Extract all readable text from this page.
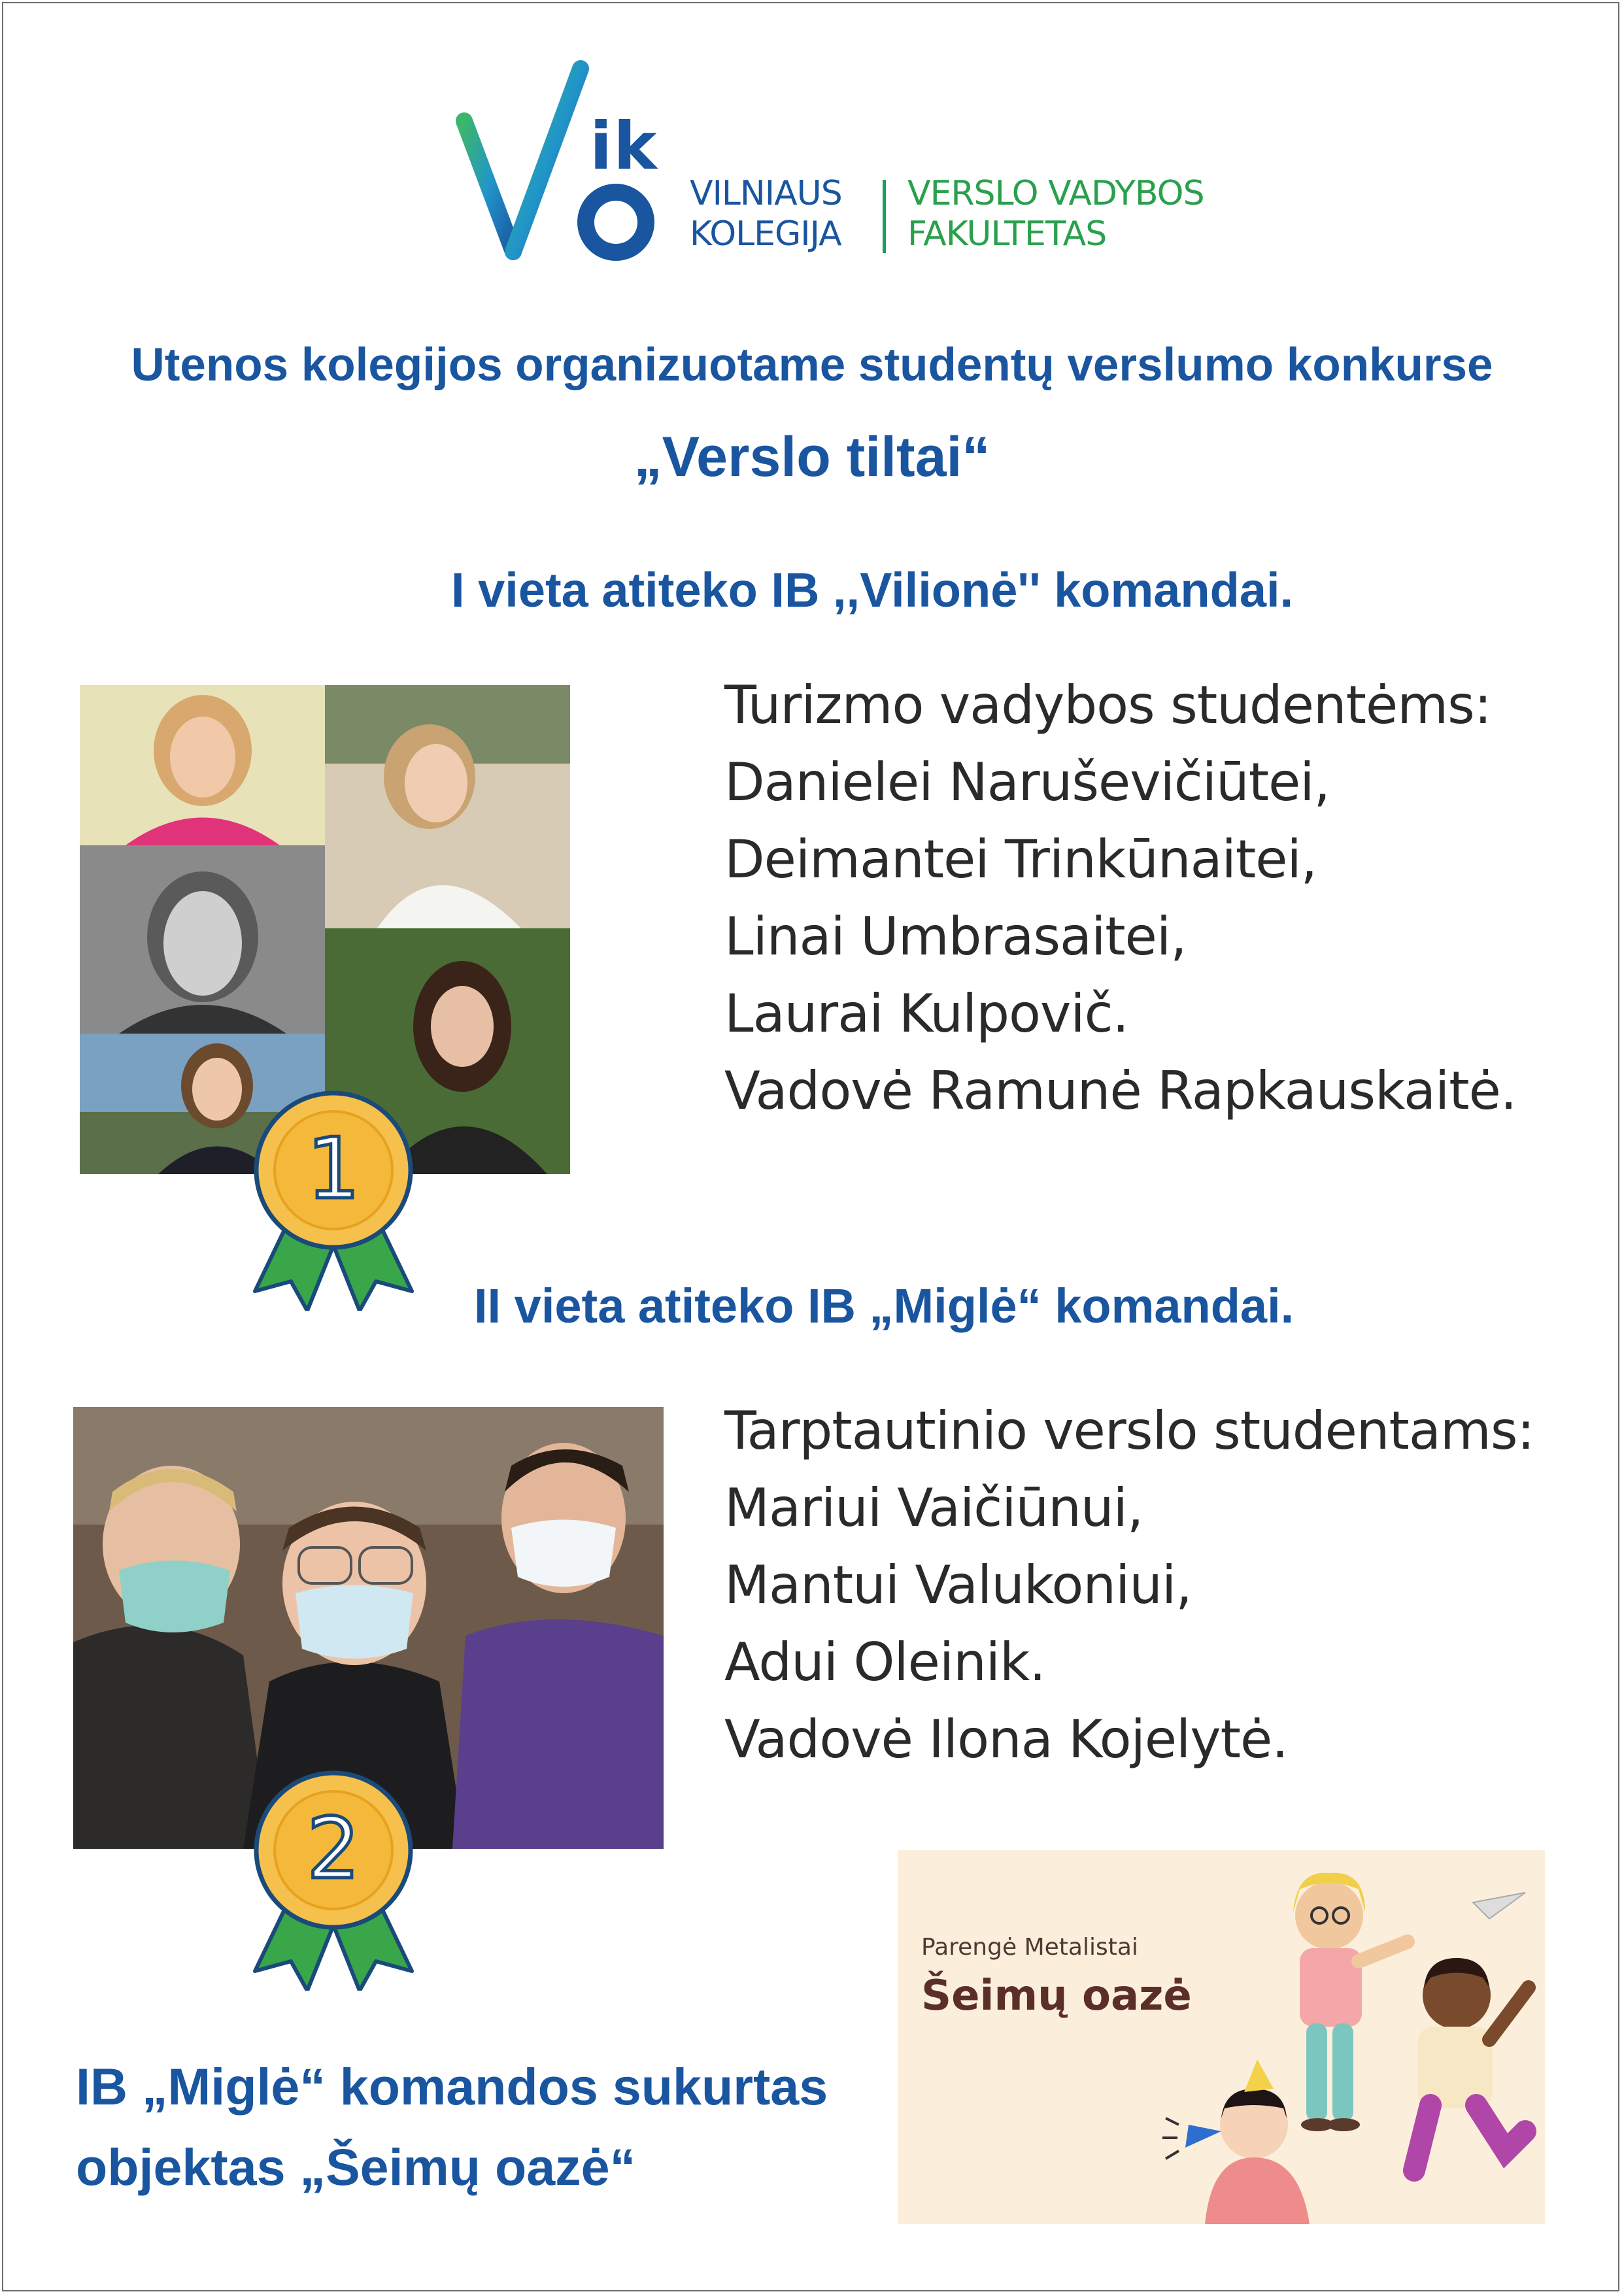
ik
VILNIAUS
KOLEGIJA
VERSLO VADYBOS
FAKULTETAS
Utenos kolegijos organizuotame studentų verslumo konkurse
„Verslo tiltai“
I vieta atiteko IB ,,Vilionė'' komandai.
1
Turizmo vadybos studentėms:
Danielei Naruševičiūtei,
Deimantei Trinkūnaitei,
Linai Umbrasaitei,
Laurai Kulpovič.
Vadovė Ramunė Rapkauskaitė.
II vieta atiteko IB „Miglė“ komandai.
2
Tarptautinio verslo studentams:
Mariui Vaičiūnui,
Mantui Valukoniui,
Adui Oleinik.
Vadovė Ilona Kojelytė.
IB „Miglė“ komandos sukurtas
objektas „Šeimų oazė“
Parengė Metalistai
Šeimų oazė
